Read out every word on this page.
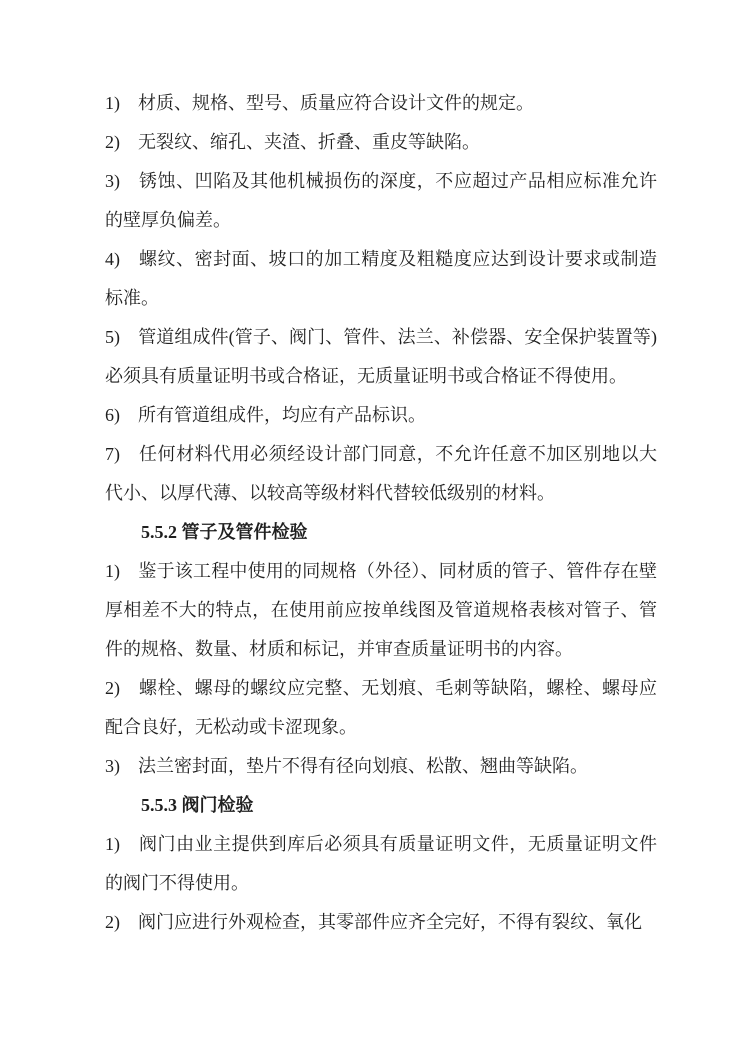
1)　材质、规格、型号、质量应符合设计文件的规定。

2)　无裂纹、缩孔、夹渣、折叠、重皮等缺陷。

3)　锈蚀、凹陷及其他机械损伤的深度，不应超过产品相应标准允许的壁厚负偏差。

4)　螺纹、密封面、坡口的加工精度及粗糙度应达到设计要求或制造标准。

5)　管道组成件(管子、阀门、管件、法兰、补偿器、安全保护装置等)必须具有质量证明书或合格证，无质量证明书或合格证不得使用。

6)　所有管道组成件，均应有产品标识。

7)　任何材料代用必须经设计部门同意，不允许任意不加区别地以大代小、以厚代薄、以较高等级材料代替较低级别的材料。

5.5.2 管子及管件检验

1)　鉴于该工程中使用的同规格（外径）、同材质的管子、管件存在壁厚相差不大的特点，在使用前应按单线图及管道规格表核对管子、管件的规格、数量、材质和标记，并审查质量证明书的内容。

2)　螺栓、螺母的螺纹应完整、无划痕、毛刺等缺陷，螺栓、螺母应配合良好，无松动或卡涩现象。

3)　法兰密封面，垫片不得有径向划痕、松散、翘曲等缺陷。

5.5.3 阀门检验

1)　阀门由业主提供到库后必须具有质量证明文件，无质量证明文件的阀门不得使用。

2)　阀门应进行外观检查，其零部件应齐全完好，不得有裂纹、氧化
